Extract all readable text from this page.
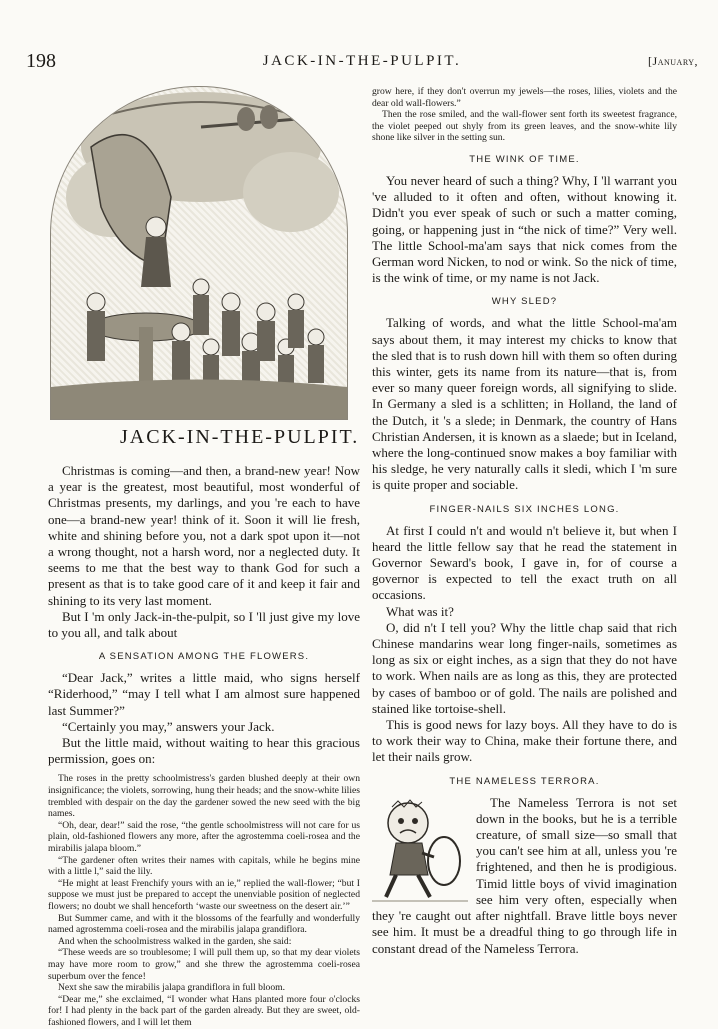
198	JACK-IN-THE-PULPIT.	[January,
JACK-IN-THE-PULPIT.

Christmas is coming—and then, a brand-new year! Now a year is the greatest, most beautiful, most wonderful of Christmas presents, my darlings, and you 're each to have one—a brand-new year! think of it. Soon it will lie fresh, white and shining before you, not a dark spot upon it—not a wrong thought, not a harsh word, nor a neglected duty. It seems to me that the best way to thank God for such a present as that is to take good care of it and keep it fair and shining to its very last moment.

But I 'm only Jack-in-the-pulpit, so I 'll just give my love to you all, and talk about

A SENSATION AMONG THE FLOWERS.

“Dear Jack,” writes a little maid, who signs herself “Riderhood,” “may I tell what I am almost sure happened last Summer?”

“Certainly you may,” answers your Jack.

But the little maid, without waiting to hear this gracious permission, goes on:

The roses in the pretty schoolmistress's garden blushed deeply at their own insignificance; the violets, sorrowing, hung their heads; and the snow-white lilies trembled with despair on the day the gardener sowed the new seed with the big names.

“Oh, dear, dear!” said the rose, “the gentle schoolmistress will not care for us plain, old-fashioned flowers any more, after the agrostemma coeli-rosea and the mirabilis jalapa bloom.”

“The gardener often writes their names with capitals, while he begins mine with a little l,” said the lily.

“He might at least Frenchify yours with an ie,” replied the wall-flower; “but I suppose we must just be prepared to accept the unenviable position of neglected flowers; no doubt we shall henceforth ‘waste our sweetness on the desert air.’”

But Summer came, and with it the blossoms of the fearfully and wonderfully named agrostemma coeli-rosea and the mirabilis jalapa grandiflora.

And when the schoolmistress walked in the garden, she said:

“These weeds are so troublesome; I will pull them up, so that my dear violets may have more room to grow,” and she threw the agrostemma coeli-rosea superbum over the fence!

Next she saw the mirabilis jalapa grandiflora in full bloom.

“Dear me,” she exclaimed, “I wonder what Hans planted more four o'clocks for! I had plenty in the back part of the garden already. But they are sweet, old-fashioned flowers, and I will let them

grow here, if they don't overrun my jewels—the roses, lilies, violets and the dear old wall-flowers.”

Then the rose smiled, and the wall-flower sent forth its sweetest fragrance, the violet peeped out shyly from its green leaves, and the snow-white lily shone like silver in the setting sun.

THE WINK OF TIME.

You never heard of such a thing? Why, I 'll warrant you 've alluded to it often and often, without knowing it. Didn't you ever speak of such or such a matter coming, going, or happening just in “the nick of time?” Very well. The little School-ma'am says that nick comes from the German word Nicken, to nod or wink. So the nick of time, is the wink of time, or my name is not Jack.

WHY SLED?

Talking of words, and what the little School-ma'am says about them, it may interest my chicks to know that the sled that is to rush down hill with them so often during this winter, gets its name from its nature—that is, from ever so many queer foreign words, all signifying to slide. In Germany a sled is a schlitten; in Holland, the land of the Dutch, it 's a slede; in Denmark, the country of Hans Christian Andersen, it is known as a slaede; but in Iceland, where the long-continued snow makes a boy familiar with his sledge, he very naturally calls it sledi, which I 'm sure is quite proper and sociable.

FINGER-NAILS SIX INCHES LONG.

At first I could n't and would n't believe it, but when I heard the little fellow say that he read the statement in Governor Seward's book, I gave in, for of course a governor is expected to tell the exact truth on all occasions.

What was it?

O, did n't I tell you? Why the little chap said that rich Chinese mandarins wear long finger-nails, sometimes as long as six or eight inches, as a sign that they do not have to work. When nails are as long as this, they are protected by cases of bamboo or of gold. The nails are polished and stained like tortoise-shell.

This is good news for lazy boys. All they have to do is to work their way to China, make their fortune there, and let their nails grow.

THE NAMELESS TERRORA.

The Nameless Terrora is not set down in the books, but he is a terrible creature, of small size—so small that you can't see him at all, unless you 're frightened, and then he is prodigious. Timid little boys of vivid imagination see him very often, especially when they 're caught out after nightfall. Brave little boys never see him. It must be a dreadful thing to go through life in constant dread of the Nameless Terrora.
